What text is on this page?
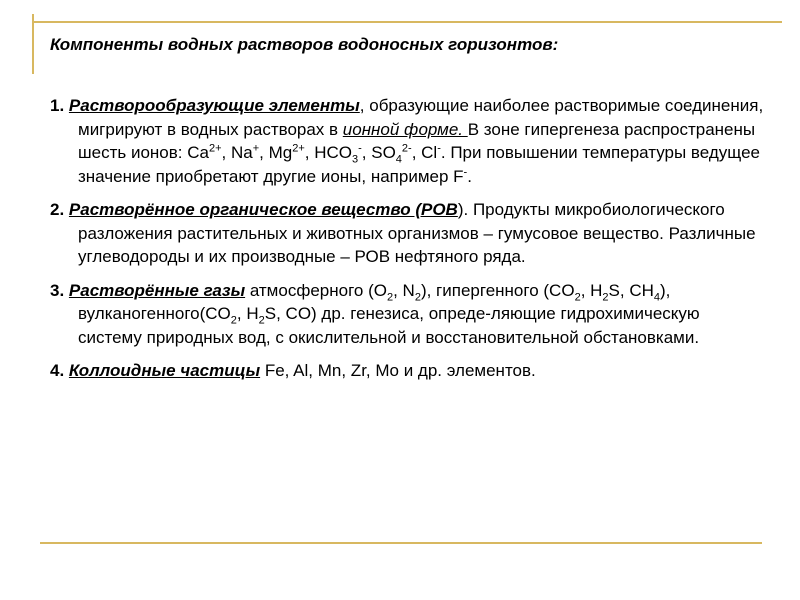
Компоненты водных растворов водоносных горизонтов:

1. Растворообразующие элементы, образующие наиболее растворимые соединения, мигрируют в водных растворах в ионной форме. В зоне гипергенеза распространены шесть ионов: $Ca^{2+}$, Na+, $Mg^{2+}$, $HCO_3^-$, $SO_4^{2-}$, Cl-. При повышении температуры ведущее значение приобретают другие ионы, например F-.

2. Растворённое органическое вещество (РОВ). Продукты микробиологического разложения растительных и животных организмов – гумусовое вещество. Различные углеводороды и их производные – РОВ нефтяного ряда.

3. Растворённые газы атмосферного ($O_2$, $N_2$), гипергенного ($CO_2$, $H_2S$, $CH_4$), $вулканогенного(CO_2$, $H_2S$, CO) др. генезиса, опреде-ляющие гидрохимическую систему природных вод, с окислительной и восстановительной обстановками.

4. Коллоидные частицы Fe, Al, Mn, Zr, Mo и др. элементов.
